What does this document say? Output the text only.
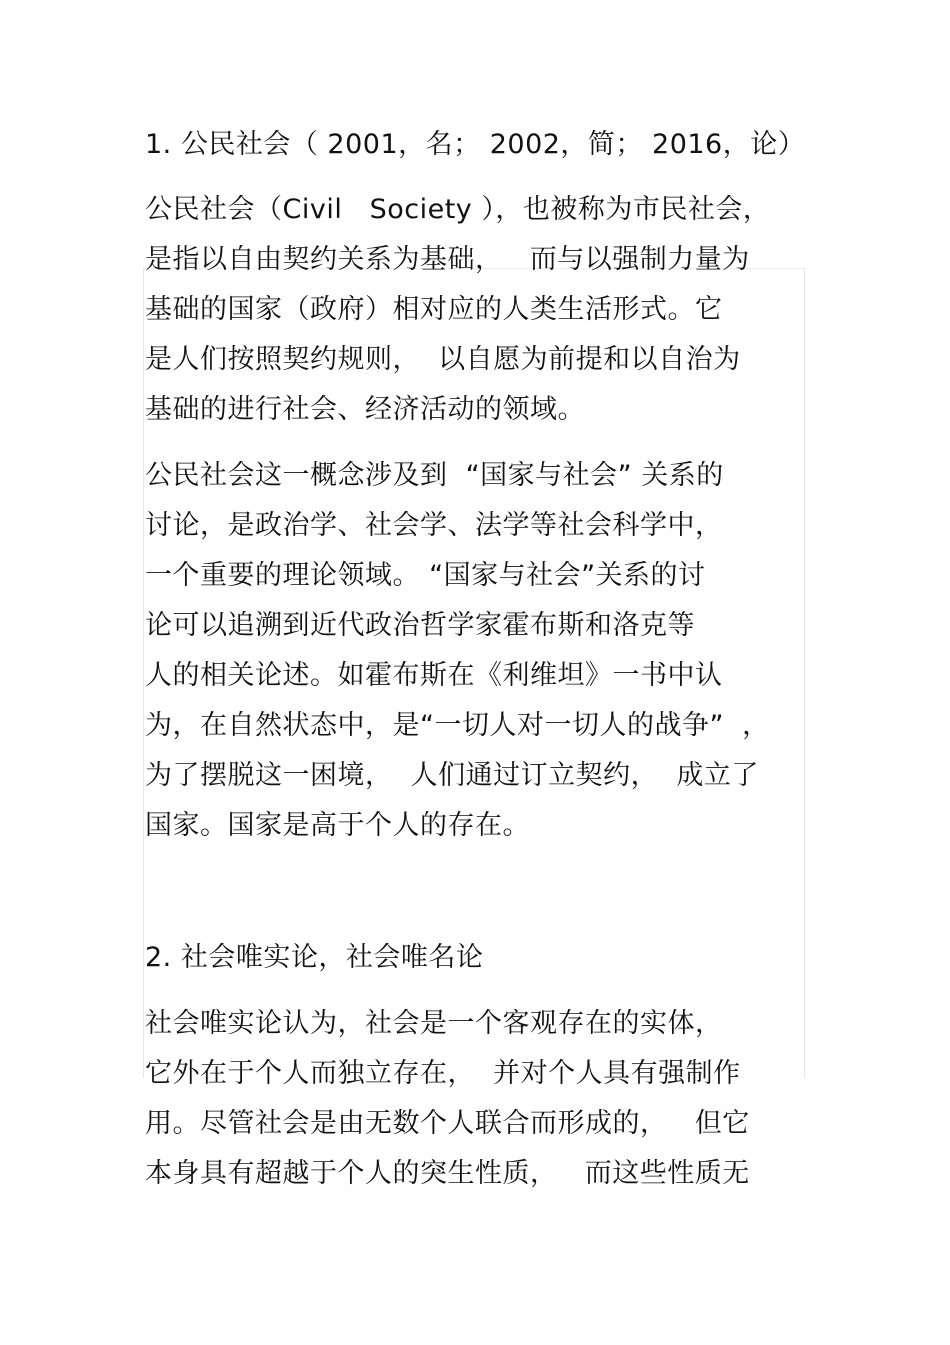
1. 公民社会（ 2001，名； 2002，简； 2016，论）
公民社会（Civil   Society ），也被称为市民社会，
是指以自由契约关系为基础，   而与以强制力量为
基础的国家（政府）相对应的人类生活形式。它
是人们按照契约规则，  以自愿为前提和以自治为
基础的进行社会、经济活动的领域。
公民社会这一概念涉及到  “国家与社会” 关系的
讨论，是政治学、社会学、法学等社会科学中，
一个重要的理论领域。 “国家与社会”关系的讨
论可以追溯到近代政治哲学家霍布斯和洛克等
人的相关论述。如霍布斯在《利维坦》一书中认
为，在自然状态中，是“一切人对一切人的战争”  ，
为了摆脱这一困境，  人们通过订立契约，  成立了
国家。国家是高于个人的存在。
2. 社会唯实论，社会唯名论
社会唯实论认为，社会是一个客观存在的实体，
它外在于个人而独立存在，  并对个人具有强制作
用。尽管社会是由无数个人联合而形成的，   但它
本身具有超越于个人的突生性质，   而这些性质无
